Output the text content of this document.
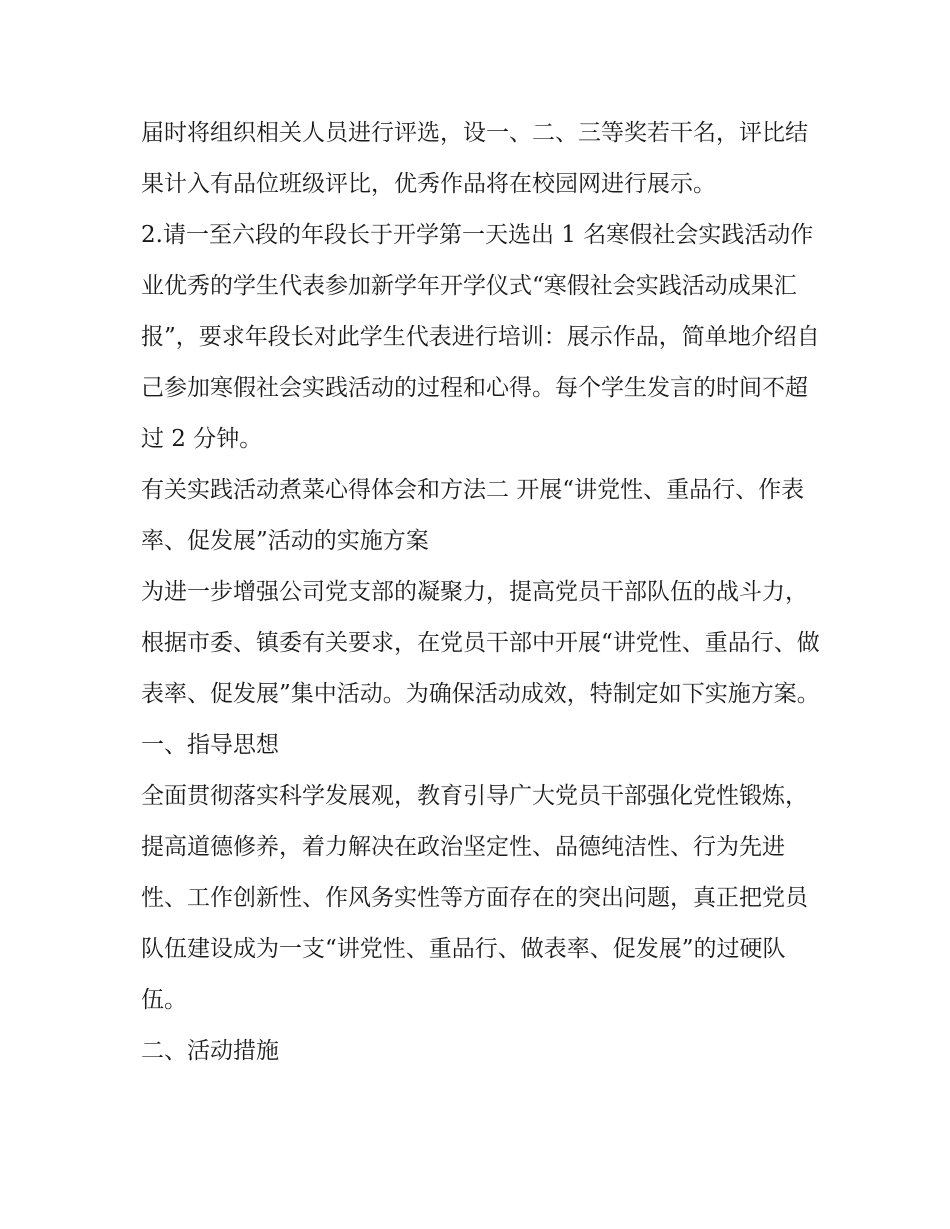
届时将组织相关人员进行评选，设一、二、三等奖若干名，评比结果计入有品位班级评比，优秀作品将在校园网进行展示。

2.请一至六段的年段长于开学第一天选出 1 名寒假社会实践活动作业优秀的学生代表参加新学年开学仪式“寒假社会实践活动成果汇报”，要求年段长对此学生代表进行培训：展示作品，简单地介绍自己参加寒假社会实践活动的过程和心得。每个学生发言的时间不超过 2 分钟。

有关实践活动煮菜心得体会和方法二 开展“讲党性、重品行、作表率、促发展”活动的实施方案

为进一步增强公司党支部的凝聚力，提高党员干部队伍的战斗力，根据市委、镇委有关要求，在党员干部中开展“讲党性、重品行、做表率、促发展”集中活动。为确保活动成效，特制定如下实施方案。

一、指导思想

全面贯彻落实科学发展观，教育引导广大党员干部强化党性锻炼，提高道德修养，着力解决在政治坚定性、品德纯洁性、行为先进性、工作创新性、作风务实性等方面存在的突出问题，真正把党员队伍建设成为一支“讲党性、重品行、做表率、促发展”的过硬队伍。

二、活动措施
